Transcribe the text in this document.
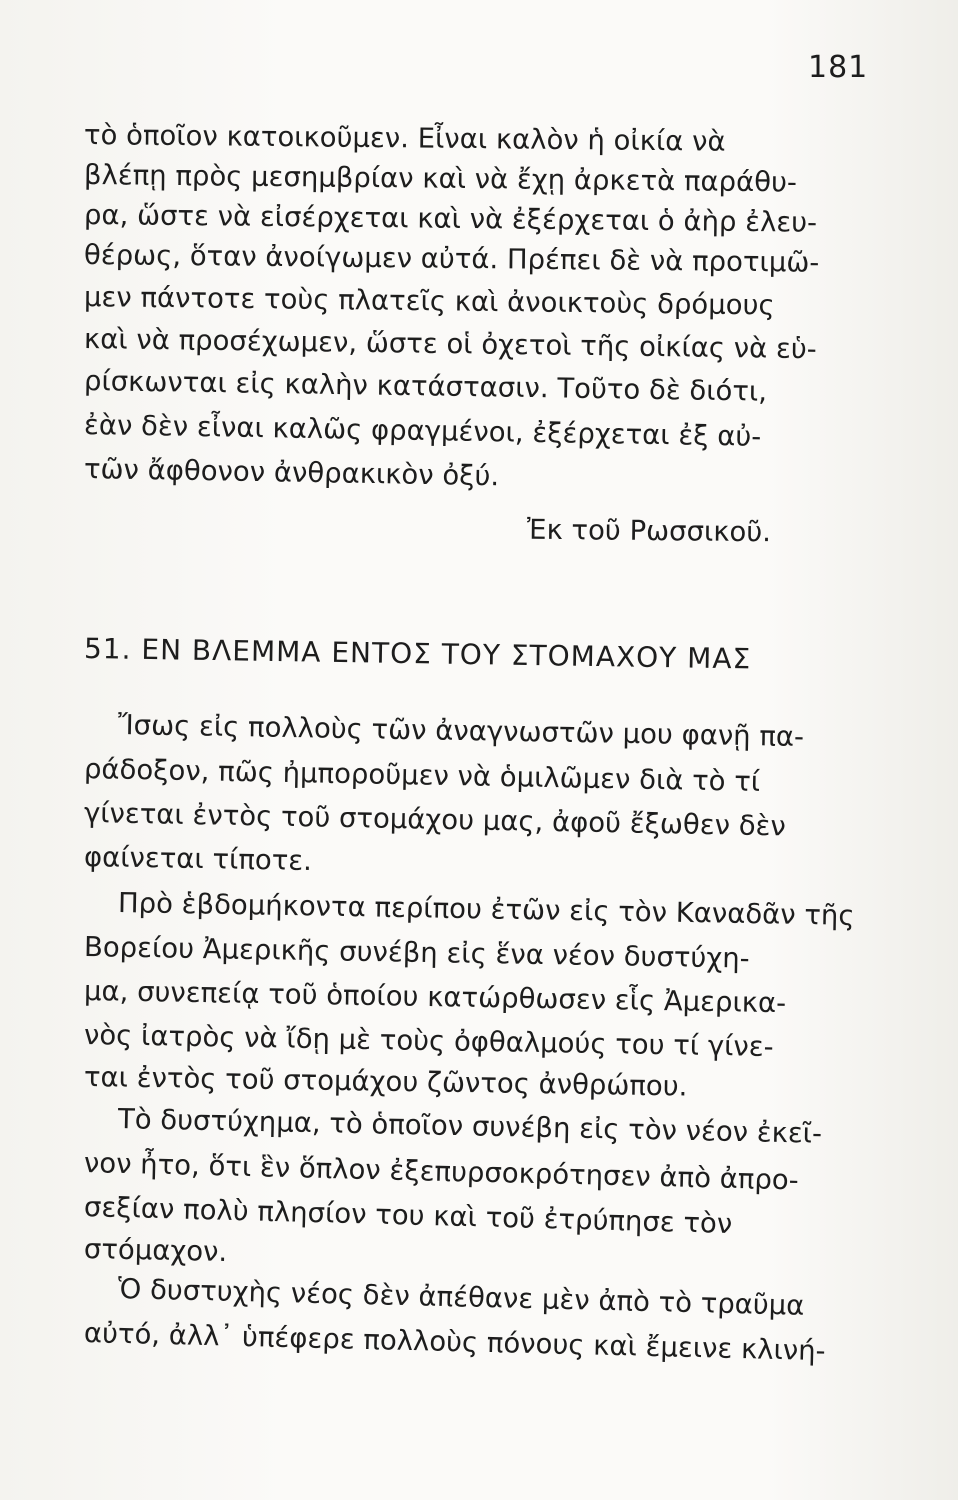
181
τὸ ὁποῖον κατοικοῦμεν. Εἶναι καλὸν ἡ οἰκία νὰ
βλέπῃ πρὸς μεσημβρίαν καὶ νὰ ἔχῃ ἀρκετὰ παράθυ-
ρα, ὥστε νὰ εἰσέρχεται καὶ νὰ ἐξέρχεται ὁ ἀὴρ ἐλευ-
θέρως, ὅταν ἀνοίγωμεν αὐτά. Πρέπει δὲ νὰ προτιμῶ-
μεν πάντοτε τοὺς πλατεῖς καὶ ἀνοικτοὺς δρόμους
καὶ νὰ προσέχωμεν, ὥστε οἱ ὀχετοὶ τῆς οἰκίας νὰ εὑ-
ρίσκωνται εἰς καλὴν κατάστασιν. Τοῦτο δὲ διότι,
ἐὰν δὲν εἶναι καλῶς φραγμένοι, ἐξέρχεται ἐξ αὐ-
τῶν ἄφθονον ἀνθρακικὸν ὀξύ.
Ἐκ τοῦ Ρωσσικοῦ.
51. ΕΝ ΒΛΕΜΜΑ ΕΝΤΟΣ ΤΟΥ ΣΤΟΜΑΧΟΥ ΜΑΣ
Ἴσως εἰς πολλοὺς τῶν ἀναγνωστῶν μου φανῇ πα-
ράδοξον, πῶς ἠμποροῦμεν νὰ ὁμιλῶμεν διὰ τὸ τί
γίνεται ἐντὸς τοῦ στομάχου μας, ἀφοῦ ἔξωθεν δὲν
φαίνεται τίποτε.
Πρὸ ἑβδομήκοντα περίπου ἐτῶν εἰς τὸν Καναδᾶν τῆς
Βορείου Ἀμερικῆς συνέβη εἰς ἕνα νέον δυστύχη-
μα, συνεπείᾳ τοῦ ὁποίου κατώρθωσεν εἷς Ἀμερικα-
νὸς ἰατρὸς νὰ ἴδῃ μὲ τοὺς ὀφθαλμούς του τί γίνε-
ται ἐντὸς τοῦ στομάχου ζῶντος ἀνθρώπου.
Τὸ δυστύχημα, τὸ ὁποῖον συνέβη εἰς τὸν νέον ἐκεῖ-
νον ἦτο, ὅτι ἓν ὅπλον ἐξεπυρσοκρότησεν ἀπὸ ἀπρο-
σεξίαν πολὺ πλησίον του καὶ τοῦ ἐτρύπησε τὸν
στόμαχον.
Ὁ δυστυχὴς νέος δὲν ἀπέθανε μὲν ἀπὸ τὸ τραῦμα
αὐτό, ἀλλ᾽ ὑπέφερε πολλοὺς πόνους καὶ ἔμεινε κλινή-
